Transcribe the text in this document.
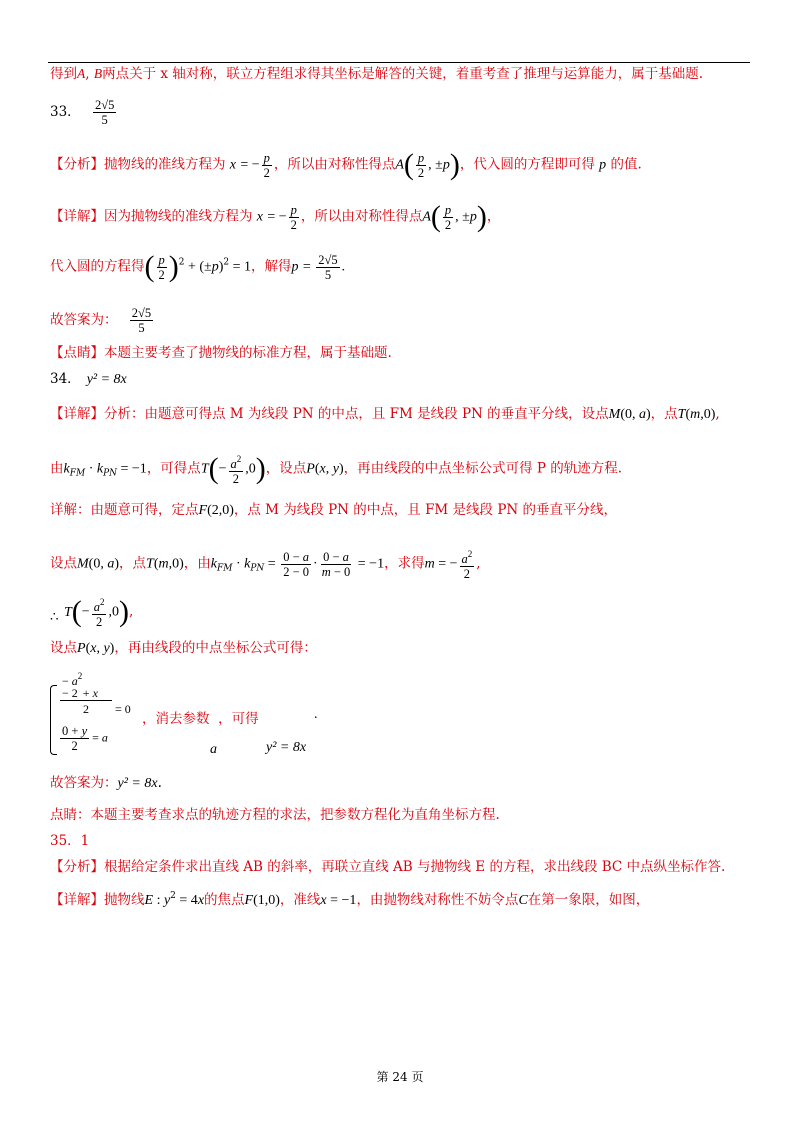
得到A, B两点关于 x 轴对称，联立方程组求得其坐标是解答的关键，着重考查了推理与运算能力，属于基础题.
33． $\frac{2√5}{5}$
【分析】抛物线的准线方程为 x = − $\frac{p}{2}$ ，所以由对称性得点$A( \frac{p}{2}$ , ±p)，代入圆的方程即可得 p 的值.
【详解】因为抛物线的准线方程为 x = − $\frac{p}{2}$ ，所以由对称性得点$A( \frac{p}{2}$ , ±p)，
代入圆的方程得( $\frac{p}{2} )^2 + (\pm p)^2 = 1$，解得$p = \frac{2√5}{5}$ .
故答案为： $\frac{2√5}{5}$
【点睛】本题主要考查了抛物线的标准方程，属于基础题.
34． y² = 8x
【详解】分析：由题意可得点 M 为线段 PN 的中点，且 FM 是线段 PN 的垂直平分线，设点M(0, a)，点T(m,0),
由$k_{FM} \cdot k_{PN} = -1$，可得点$T(- \frac{a^2}{2} ,0)$，设点P(x, y)，再由线段的中点坐标公式可得 P 的轨迹方程.
详解：由题意可得，定点F(2,0)，点 M 为线段 PN 的中点，且 FM 是线段 PN 的垂直平分线，
设点M(0, a)，点T(m,0)，由$k_{FM} \cdot k_{PN} = \frac{0 - a}{2 - 0} \cdot \frac{0 - a}{m - 0} = -1$，求得m = − $\frac{a^2}{2}$ ,
$T(- \frac{a^2}{2} ,0)$,
∴
设点P(x, y)，再由线段的中点坐标公式可得：
− $a^2$
− 2 + x
2 = 0
$\frac{0 + y}{2} = a$
，消去参数 ，可得	.
a	y² = 8x
故答案为：y² = 8x.
点睛：本题主要考查求点的轨迹方程的求法，把参数方程化为直角坐标方程.
35．1
【分析】根据给定条件求出直线 AB 的斜率，再联立直线 AB 与抛物线 E 的方程，求出线段 BC 中点纵坐标作答.
【详解】抛物线E : $y^2 = 4x$的焦点F(1,0)，准线x = −1，由抛物线对称性不妨令点C在第一象限，如图，
第 24 页
